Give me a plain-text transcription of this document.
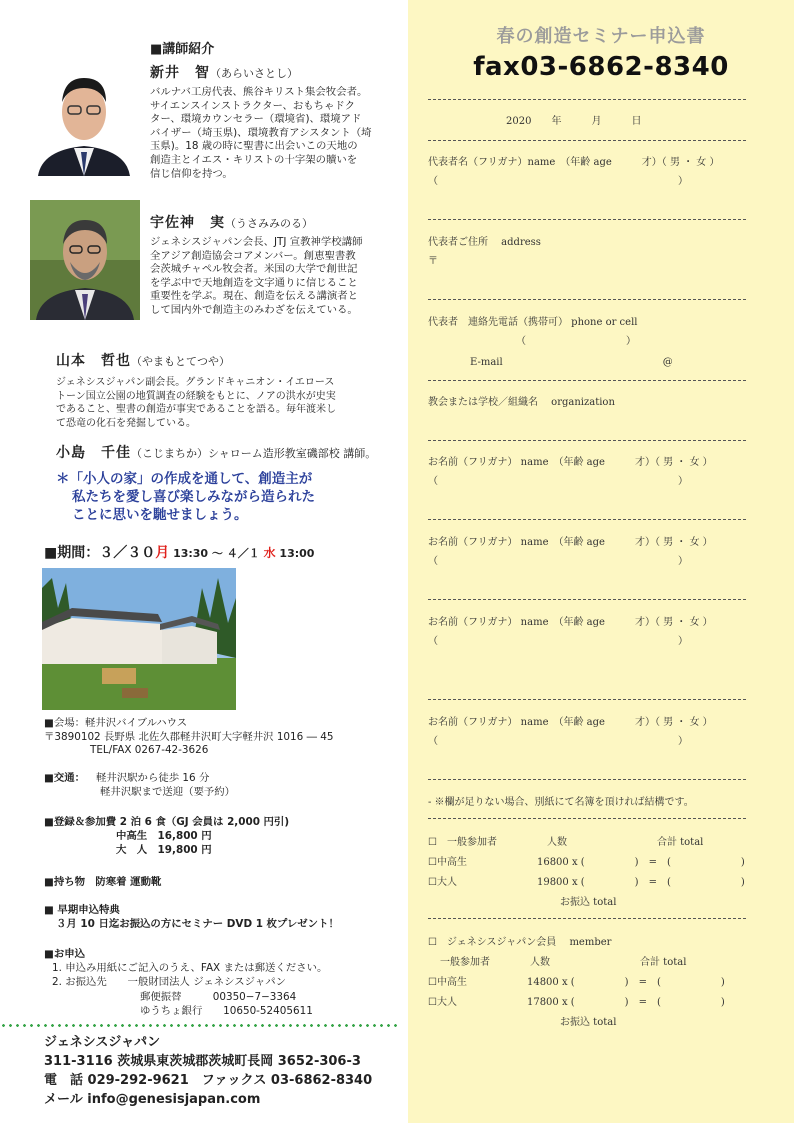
■講師紹介
新井　智（あらいさとし）
バルナバ工房代表、熊谷キリスト集会牧会者。
サイエンスインストラクター、おもちゃドク
ター、環境カウンセラー（環境省)、環境アド
バイザー（埼玉県)、環境教育アシスタント（埼
玉県)。18 歳の時に聖書に出会いこの天地の
創造主とイエス・キリストの十字架の贖いを
信じ信仰を持つ。
宇佐神　実（うさみみのる）
ジェネシスジャパン会長、JTJ 宣教神学校講師
全アジア創造協会コアメンバー。創恵聖書教
会茨城チャペル牧会者。米国の大学で創世記
を学ぶ中で天地創造を文字通りに信じること
重要性を学ぶ。現在、創造を伝える講演者と
して国内外で創造主のみわざを伝えている。
山本　哲也（やまもとてつや）
ジェネシスジャパン副会長。グランドキャニオン・イエロース
トーン国立公園の地質調査の経験をもとに、ノアの洪水が史実
であること、聖書の創造が事実であることを語る。毎年渡米し
て恐竜の化石を発掘している。
小島　千佳（こじまちか）シャローム造形教室磯部校 講師。
＊「小人の家」の作成を通して、創造主が
私たちを愛し喜び楽しみながら造られた
ことに思いを馳せましょう。
■期間：３／３０月 13:30 〜 ４／１ 水 13:00
■会場：軽井沢バイブルハウス
〒3890102 長野県 北佐久郡軽井沢町大字軽井沢 1016 ― 45
TEL/FAX 0267-42-3626
■交通： 軽井沢駅から徒歩 16 分
軽井沢駅まで送迎（要予約）
■登録＆参加費 2 泊 6 食（GJ 会員は 2,000 円引)
中高生　16,800 円
大　人　19,800 円
■持ち物　防寒着 運動靴
■ 早期申込特典
３月 10 日迄お振込の方にセミナー DVD 1 枚プレゼント！
■お申込
1. 申込み用紙にご記入のうえ、FAX または郵送ください。
2. お振込先　　一般財団法人 ジェネシスジャパン
郵便振替　　　00350−7−3364
ゆうちょ銀行　　10650‐52405611
ジェネシスジャパン
311-3116 茨城県東茨城郡茨城町長岡 3652-306-3
電　話 029-292-9621　ファックス 03-6862-8340
メール info@genesisjapan.com
春の創造セミナー申込書
fax03-6862-8340
2020　　年　　　月　　　日
代表者名（フリガナ）name　（年齢 age　　　才）（ 男 ・ 女 ）
（　　　　　　　　　　　　　　　　　　　　　　　　）
代表者ご住所　 address
〒
代表者　連絡先電話（携帯可） phone or cell
（　　　　　　　　　　）
E-mail　　　　　　　　　　　　　　　　@
教会または学校／組織名　 organization
お名前（フリガナ） name　（年齢 age　　　才）（ 男 ・ 女 ）
（　　　　　　　　　　　　　　　　　　　　　　　　）
お名前（フリガナ） name　（年齢 age　　　才）（ 男 ・ 女 ）
（　　　　　　　　　　　　　　　　　　　　　　　　）
お名前（フリガナ） name　（年齢 age　　　才）（ 男 ・ 女 ）
（　　　　　　　　　　　　　　　　　　　　　　　　）
お名前（フリガナ） name　（年齢 age　　　才）（ 男 ・ 女 ）
（　　　　　　　　　　　　　　　　　　　　　　　　）
- ※欄が足りない場合、別紙にて名簿を頂ければ結構です。
☐　一般参加者　　　　　人数　　　　　　　　　合計 total
☐中高生　　　　　　　16800 x (　　　　　)　=　(　　　　　　　)
☐大人　　　　　　　　19800 x (　　　　　)　=　(　　　　　　　)
お振込 total
☐　ジェネシスジャパン会員　 member
一般参加者　　　　人数　　　　　　　　　合計 total
☐中高生　　　　　　14800 x (　　　　　)　=　(　　　　　　)
☐大人　　　　　　　17800 x (　　　　　)　=　(　　　　　　)
お振込 total
